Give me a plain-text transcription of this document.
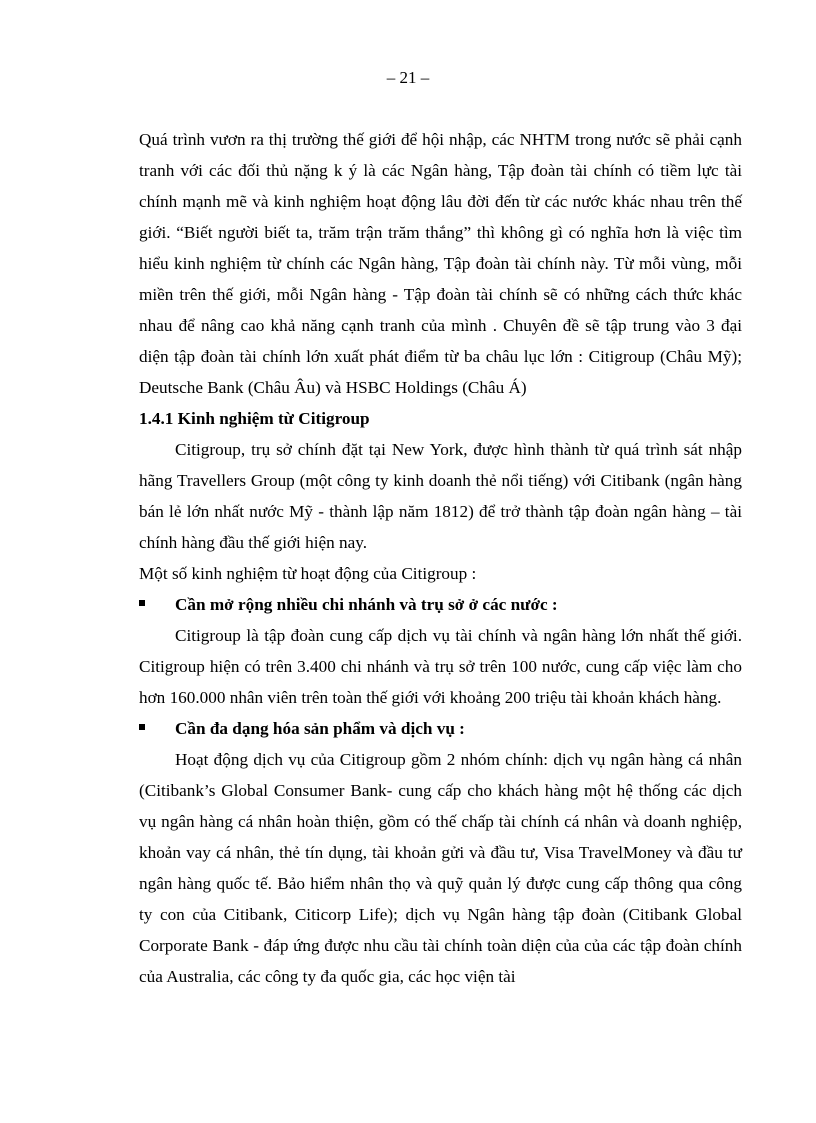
– 21 –

Quá trình vươn ra thị trường thế giới để hội nhập, các NHTM trong nước sẽ phải cạnh tranh với các đối thủ nặng k ý là các Ngân hàng, Tập đoàn tài chính có tiềm lực tài chính mạnh mẽ và kinh nghiệm hoạt động lâu đời đến từ các nước khác nhau trên thế giới. “Biết người biết ta, trăm trận trăm thắng” thì không gì có nghĩa hơn là việc tìm hiểu kinh nghiệm từ chính các Ngân hàng, Tập đoàn tài chính này. Từ mỗi vùng, mỗi miền trên thế giới, mỗi Ngân hàng - Tập đoàn tài chính sẽ có những cách thức khác nhau để nâng cao khả năng cạnh tranh của mình . Chuyên đề sẽ tập trung vào 3 đại diện tập đoàn tài chính lớn xuất phát điểm từ ba châu lục lớn : Citigroup (Châu Mỹ); Deutsche Bank (Châu Âu) và HSBC Holdings (Châu Á)

1.4.1 Kinh nghiệm từ Citigroup

Citigroup, trụ sở chính đặt tại New York, được hình thành từ quá trình sát nhập hãng Travellers Group (một công ty kinh doanh thẻ nổi tiếng) với Citibank (ngân hàng bán lẻ lớn nhất nước Mỹ - thành lập năm 1812) để trở thành tập đoàn ngân hàng – tài chính hàng đầu thế giới hiện nay.

Một số kinh nghiệm từ hoạt động của Citigroup :

Cần mở rộng nhiều chi nhánh và trụ sở ở các nước :

Citigroup là tập đoàn cung cấp dịch vụ tài chính và ngân hàng lớn nhất thế giới. Citigroup hiện có trên 3.400 chi nhánh và trụ sở trên 100 nước, cung cấp việc làm cho hơn 160.000 nhân viên trên toàn thế giới với khoảng 200 triệu tài khoản khách hàng.

Cần đa dạng hóa sản phẩm và dịch vụ :

Hoạt động dịch vụ của Citigroup gồm 2 nhóm chính: dịch vụ ngân hàng cá nhân (Citibank’s Global Consumer Bank- cung cấp cho khách hàng một hệ thống các dịch vụ ngân hàng cá nhân hoàn thiện, gồm có thế chấp tài chính cá nhân và doanh nghiệp, khoản vay cá nhân, thẻ tín dụng, tài khoản gửi và đầu tư, Visa TravelMoney và đầu tư ngân hàng quốc tế. Bảo hiểm nhân thọ và quỹ quản lý được cung cấp thông qua công ty con của Citibank, Citicorp Life); dịch vụ Ngân hàng tập đoàn (Citibank Global Corporate Bank - đáp ứng được nhu cầu tài chính toàn diện của của các tập đoàn chính của Australia, các công ty đa quốc gia, các học viện tài
